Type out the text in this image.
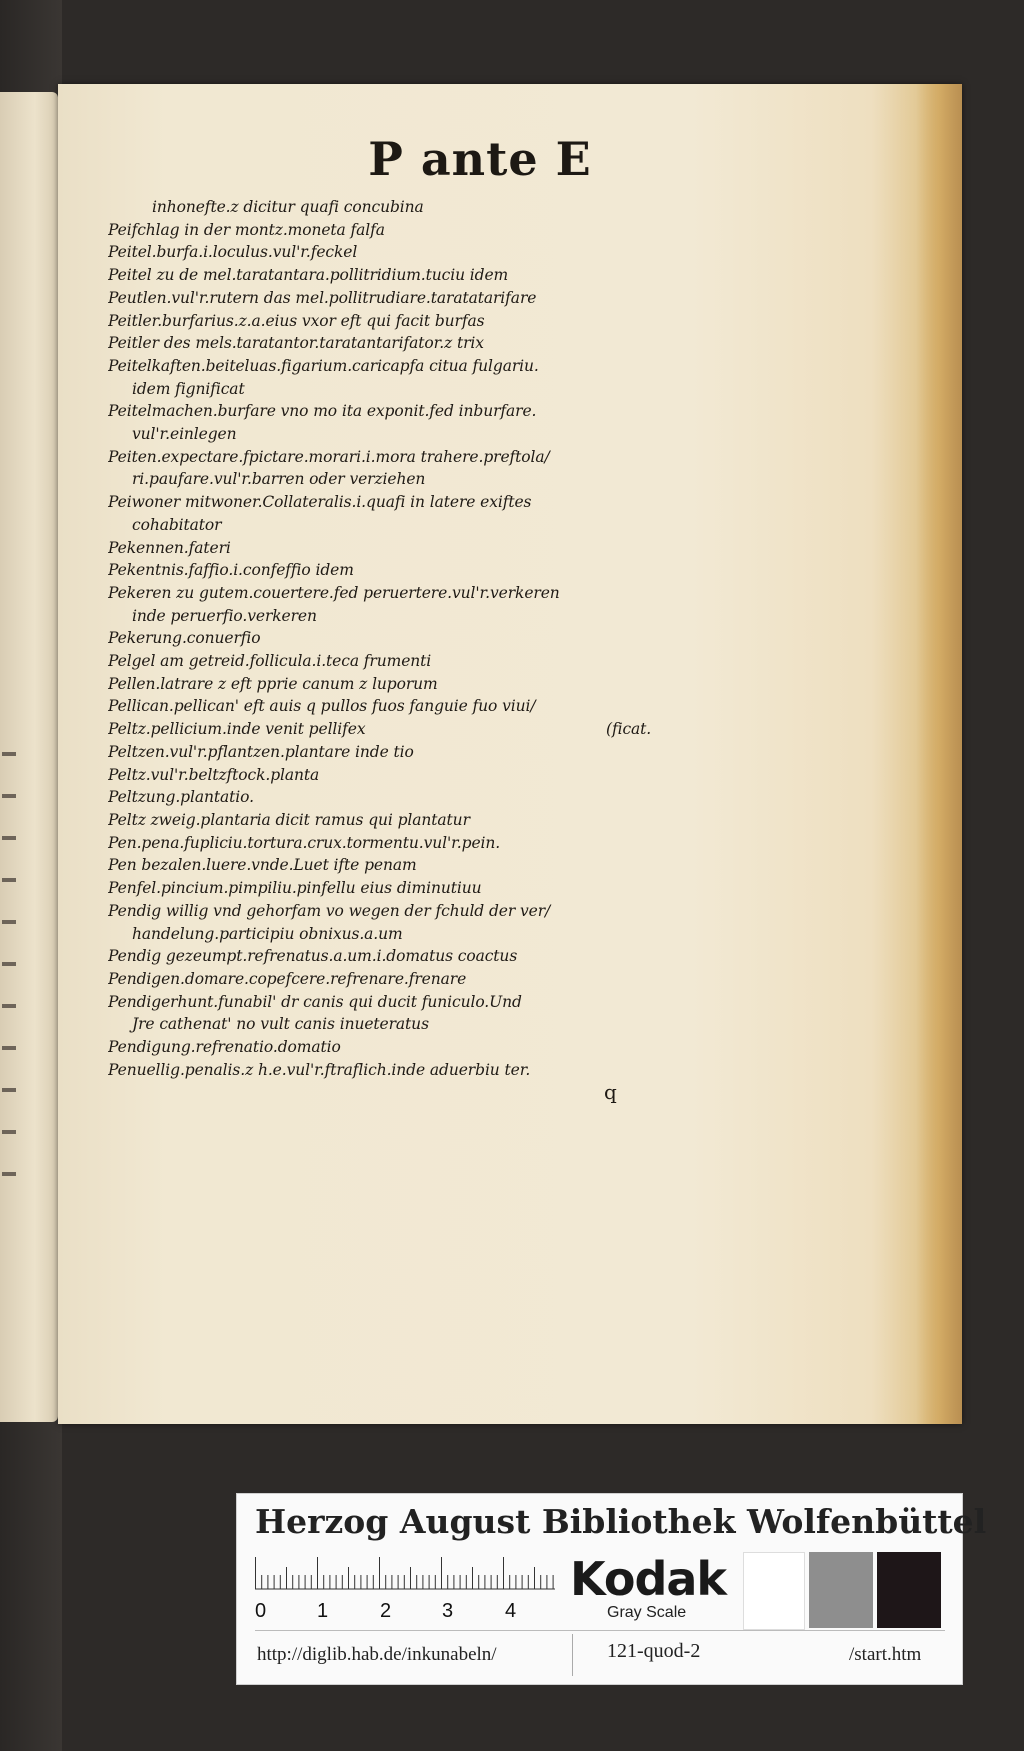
P ante E
inhonefte.z dicitur quafi concubina
Peifchlag in der montz.moneta falfa
Peitel.burfa.i.loculus.vul'r.feckel
Peitel zu de mel.taratantara.pollitridium.tuciu idem
Peutlen.vul'r.rutern das mel.pollitrudiare.taratatarifare
Peitler.burfarius.z.a.eius vxor eft qui facit burfas
Peitler des mels.taratantor.taratantarifator.z trix
Peitelkaften.beiteluas.figarium.caricapfa citua fulgariu.
idem fignificat
Peitelmachen.burfare vno mo ita exponit.fed inburfare.
vul'r.einlegen
Peiten.expectare.fpictare.morari.i.mora trahere.preftola/
ri.paufare.vul'r.barren oder verziehen
Peiwoner mitwoner.Collateralis.i.quafi in latere exiftes
cohabitator
Pekennen.fateri
Pekentnis.faffio.i.confeffio idem
Pekeren zu gutem.couertere.fed peruertere.vul'r.verkeren
inde peruerfio.verkeren
Pekerung.conuerfio
Pelgel am getreid.follicula.i.teca frumenti
Pellen.latrare z eft pprie canum z luporum
Pellican.pellican' eft auis q pullos fuos fanguie fuo viui/
Peltz.pellicium.inde venit pellifex	(ficat.
Peltzen.vul'r.pflantzen.plantare inde tio
Peltz.vul'r.beltzftock.planta
Peltzung.plantatio.
Peltz zweig.plantaria dicit ramus qui plantatur
Pen.pena.fupliciu.tortura.crux.tormentu.vul'r.pein.
Pen bezalen.luere.vnde.Luet ifte penam
Penfel.pincium.pimpiliu.pinfellu eius diminutiuu
Pendig willig vnd gehorfam vo wegen der fchuld der ver/
handelung.participiu obnixus.a.um
Pendig gezeumpt.refrenatus.a.um.i.domatus coactus
Pendigen.domare.copefcere.refrenare.frenare
Pendigerhunt.funabil' dr canis qui ducit funiculo.Und
Jre cathenat' no vult canis inueteratus
Pendigung.refrenatio.domatio
Penuellig.penalis.z h.e.vul'r.ftraflich.inde aduerbiu ter.
q
Herzog August Bibliothek Wolfenbüttel
0	1	2	3	4
Kodak
Gray Scale
http://diglib.hab.de/inkunabeln/	121-quod-2	/start.htm
